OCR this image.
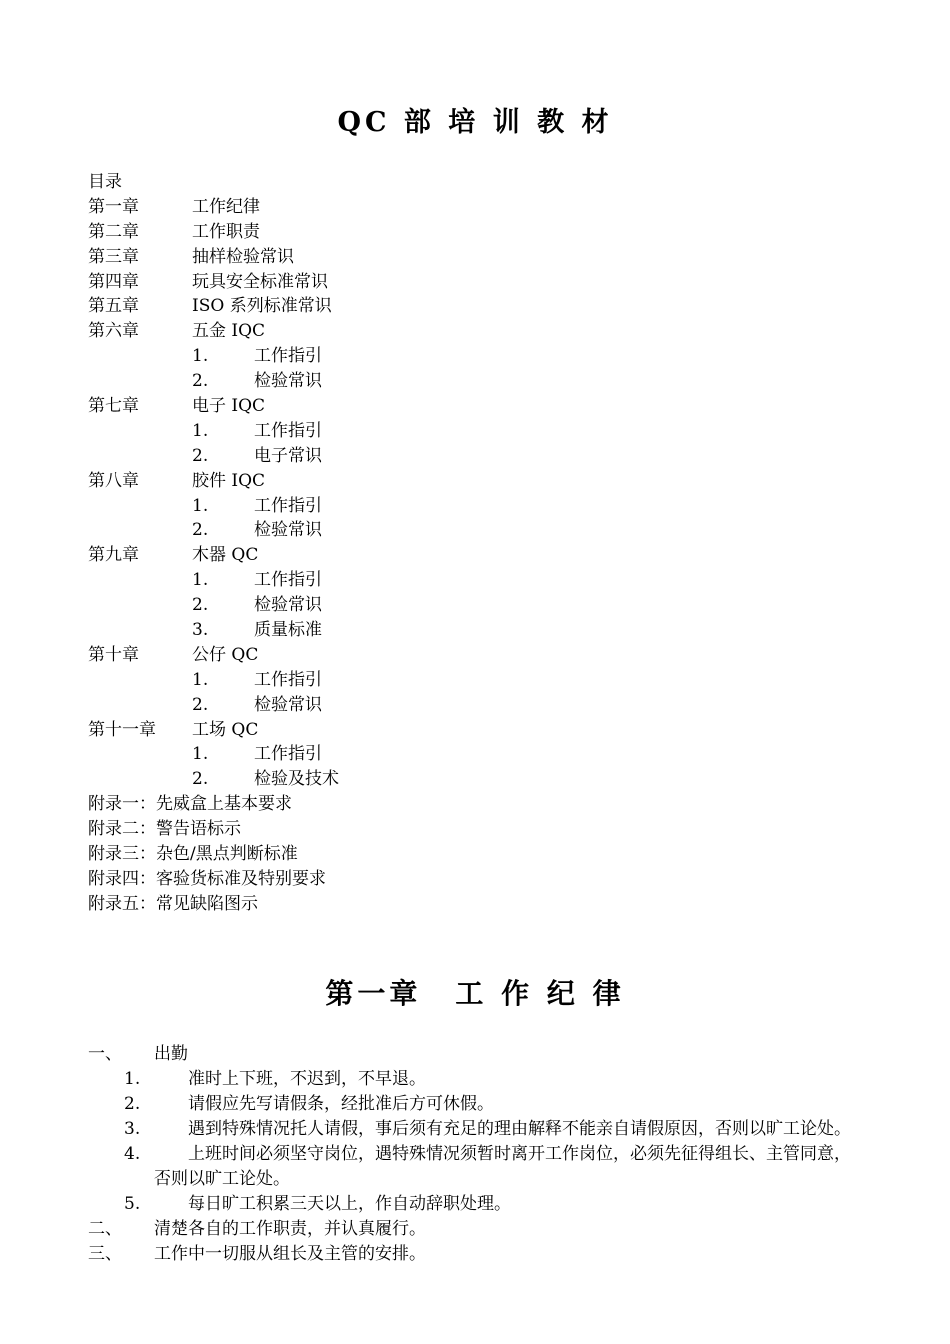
QC 部 培 训 教 材
目录
第一章	工作纪律
第二章	工作职责
第三章	抽样检验常识
第四章	玩具安全标准常识
第五章	ISO 系列标准常识
第六章	五金 IQC
1.	工作指引
2.	检验常识
第七章	电子 IQC
1.	工作指引
2.	电子常识
第八章	胶件 IQC
1.	工作指引
2.	检验常识
第九章	木器 QC
1.	工作指引
2.	检验常识
3.	质量标准
第十章	公仔 QC
1.	工作指引
2.	检验常识
第十一章 工场 QC
1.	工作指引
2.	检验及技术
附录一：先威盒上基本要求
附录二：警告语标示
附录三：杂色/黑点判断标准
附录四：客验货标准及特别要求
附录五：常见缺陷图示
第一章 工 作 纪 律
一、 出勤
1.	准时上下班，不迟到，不早退。
2.	请假应先写请假条，经批准后方可休假。
3.	遇到特殊情况托人请假，事后须有充足的理由解释不能亲自请假原因，否则以旷工论处。
4.	上班时间必须坚守岗位，遇特殊情况须暂时离开工作岗位，必须先征得组长、主管同意，否则以旷工论处。
5.	每日旷工积累三天以上，作自动辞职处理。
二、 清楚各自的工作职责，并认真履行。
三、 工作中一切服从组长及主管的安排。
